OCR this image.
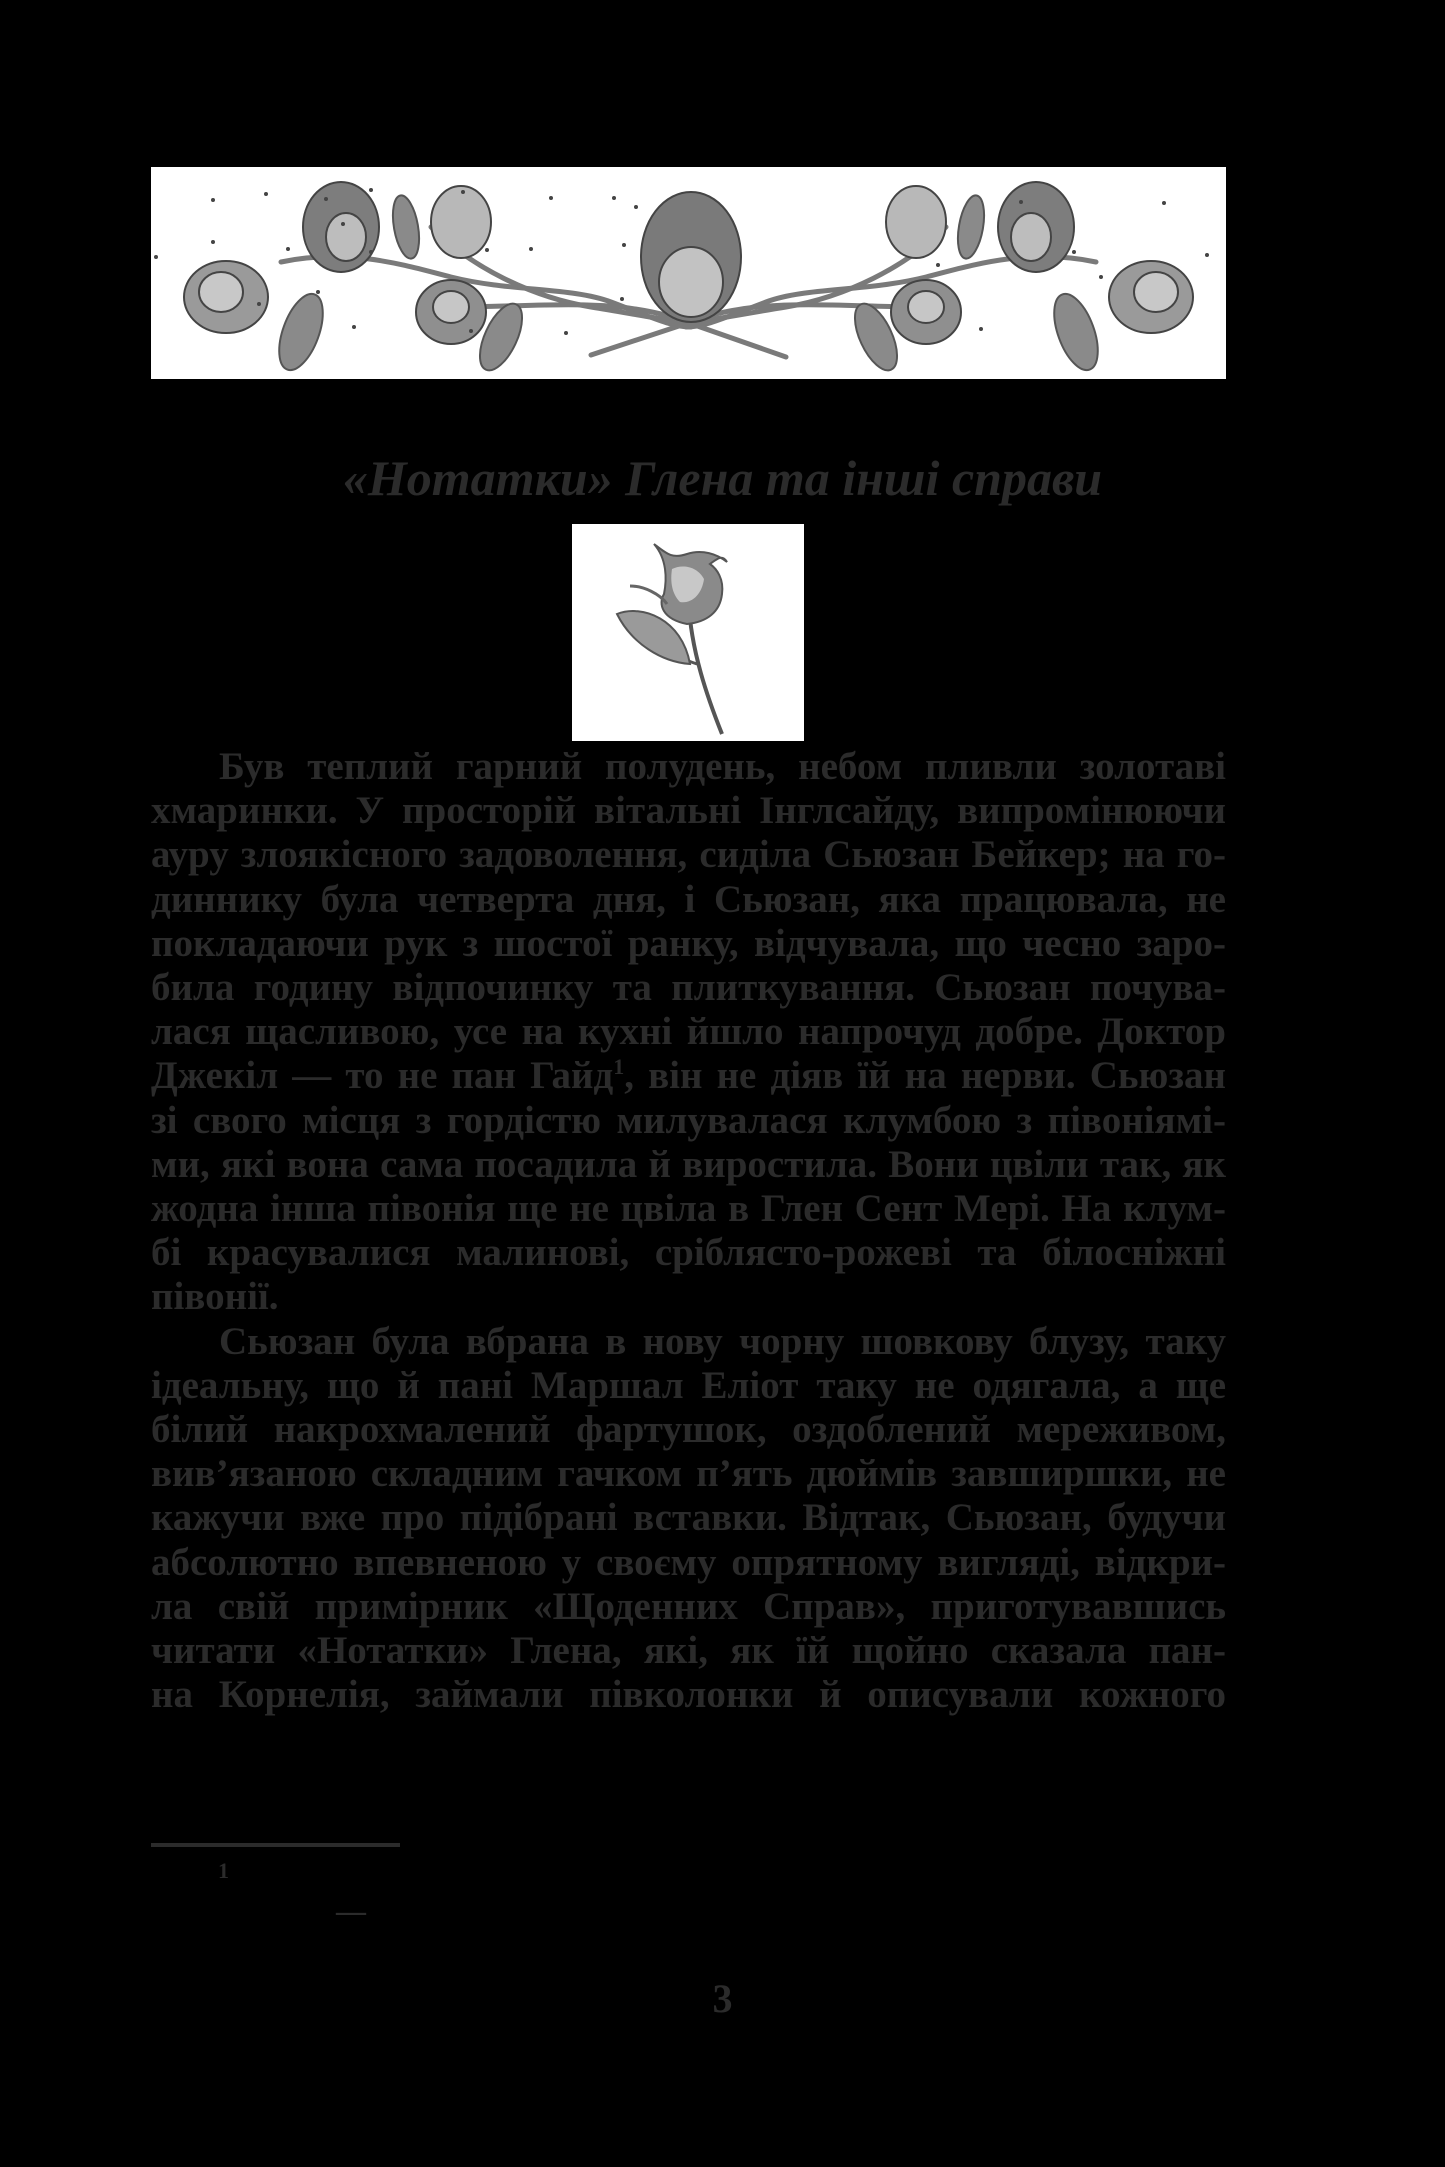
«Нотатки» Глена та інші справи
Був теплий гарний полудень, небом пливли золотаві
хмаринки. У просторій вітальні Інглсайду, випромінюючи
ауру злоякісного задоволення, сиділа Сьюзан Бейкер; на го-
диннику була четверта дня, і Сьюзан, яка працювала, не
покладаючи рук з шостої ранку, відчувала, що чесно заро-
била годину відпочинку та плиткування. Сьюзан почува-
лася щасливою, усе на кухні йшло напрочуд добре. Доктор
Джекіл — то не пан Гайд$^1$, він не діяв їй на нерви. Сьюзан
зі свого місця з гордістю милувалася клумбою з півоніямі-
ми, які вона сама посадила й виростила. Вони цвіли так, як
жодна інша півонія ще не цвіла в Глен Сент Мері. На клум-
бі красувалися малинові, сріблясто-рожеві та білосніжні
півонії.
Сьюзан була вбрана в нову чорну шовкову блузу, таку
ідеальну, що й пані Маршал Еліот таку не одягала, а ще
білий накрохмалений фартушок, оздоблений мереживом,
вив’язаною складним гачком п’ять дюймів завширшки, не
кажучи вже про підібрані вставки. Відтак, Сьюзан, будучи
абсолютно впевненою у своєму опрятному вигляді, відкри-
ла свій примірник «Щоденних Справ», приготувавшись
читати «Нотатки» Глена, які, як їй щойно сказала пан-
на Корнелія, займали півколонки й описували кожного
1
—
3
